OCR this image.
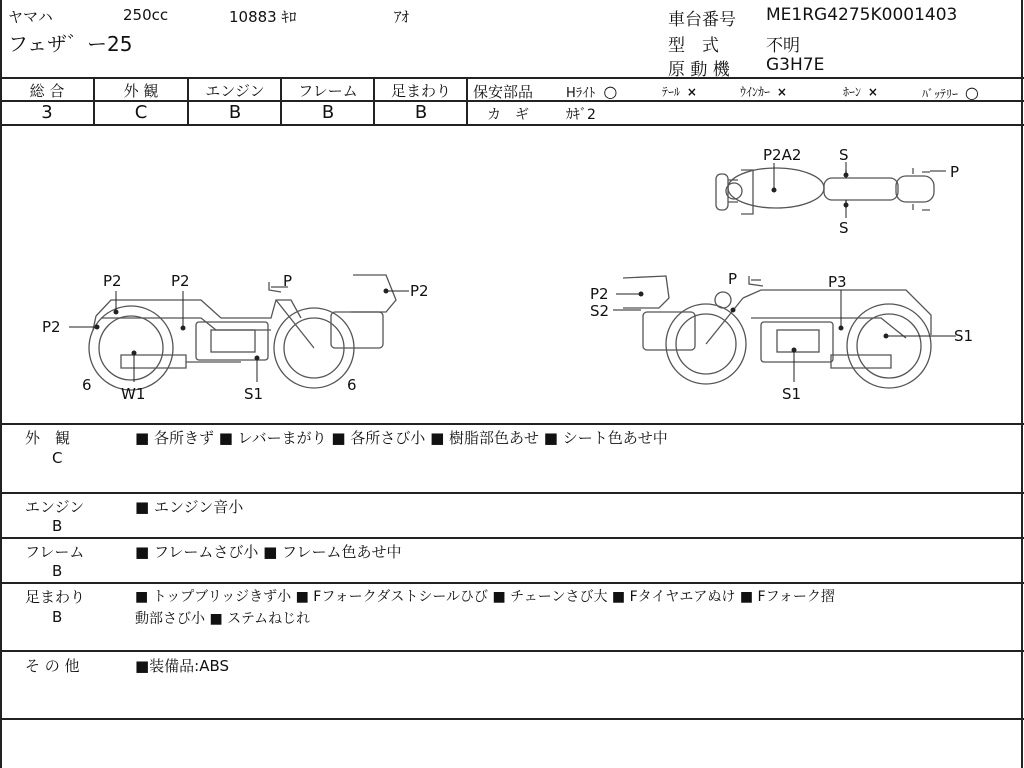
ヤマハ	250cc	10883 ｷﾛ	ｱｵ
フェザ゛ー25
車台番号 ME1RG4275K0001403
型　式	不明
原 動 機 G3H7E
総 合	外 観	エンジン	フレーム	足まわり
3	C	B	B	B
保安部品	Hﾗｲﾄ ○	ﾃｰﾙ ×	ｳｲﾝｶｰ ×	ﾎｰﾝ ×	ﾊﾞｯﾃﾘｰ ○
カ　ギ	ｶｷﾞ2
P2A2	S
S
P
P2	P2	P
P2
P2
6 W1	S1	6
P
P2
S2
P3
S1
S1
外　観
C
■ 各所きず ■ レバーまがり ■ 各所さび小 ■ 樹脂部色あせ ■ シート色あせ中
エンジン
B
■ エンジン音小
フレーム
B
■ フレームさび小 ■ フレーム色あせ中
足まわり
B
■ トップブリッジきず小 ■ Fフォークダストシールひび ■ チェーンさび大 ■ Fタイヤエアぬけ ■ Fフォーク摺
動部さび小 ■ ステムねじれ
そ の 他	■装備品:ABS
